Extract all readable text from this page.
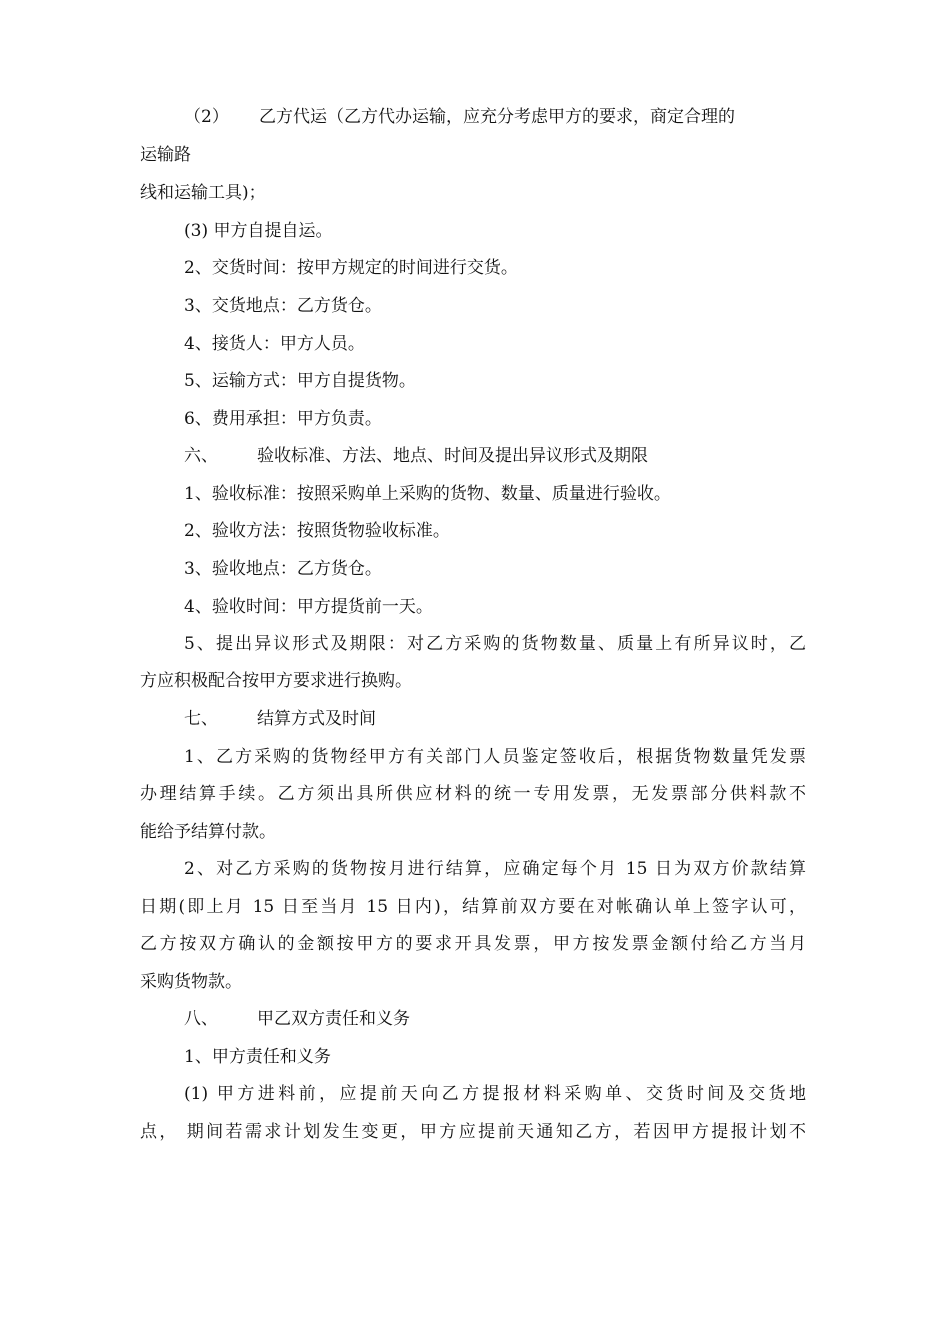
（2） 乙方代运（乙方代办运输，应充分考虑甲方的要求，商定合理的
运输路
线和运输工具)；
(3) 甲方自提自运。
2、交货时间：按甲方规定的时间进行交货。
3、交货地点：乙方货仓。
4、接货人：甲方人员。
5、运输方式：甲方自提货物。
6、费用承担：甲方负责。
六、 验收标准、方法、地点、时间及提出异议形式及期限
1、验收标准：按照采购单上采购的货物、数量、质量进行验收。
2、验收方法：按照货物验收标准。
3、验收地点：乙方货仓。
4、验收时间：甲方提货前一天。
5、提出异议形式及期限：对乙方采购的货物数量、质量上有所异议时，乙
方应积极配合按甲方要求进行换购。
七、 结算方式及时间
1、乙方采购的货物经甲方有关部门人员鉴定签收后，根据货物数量凭发票
办理结算手续。乙方须出具所供应材料的统一专用发票，无发票部分供料款不
能给予结算付款。
2、对乙方采购的货物按月进行结算，应确定每个月 15 日为双方价款结算
日期(即上月 15 日至当月 15 日内)，结算前双方要在对帐确认单上签字认可，
乙方按双方确认的金额按甲方的要求开具发票，甲方按发票金额付给乙方当月
采购货物款。
八、 甲乙双方责任和义务
1、甲方责任和义务
(1) 甲方进料前，应提前天向乙方提报材料采购单、交货时间及交货地
点， 期间若需求计划发生变更，甲方应提前天通知乙方，若因甲方提报计划不
